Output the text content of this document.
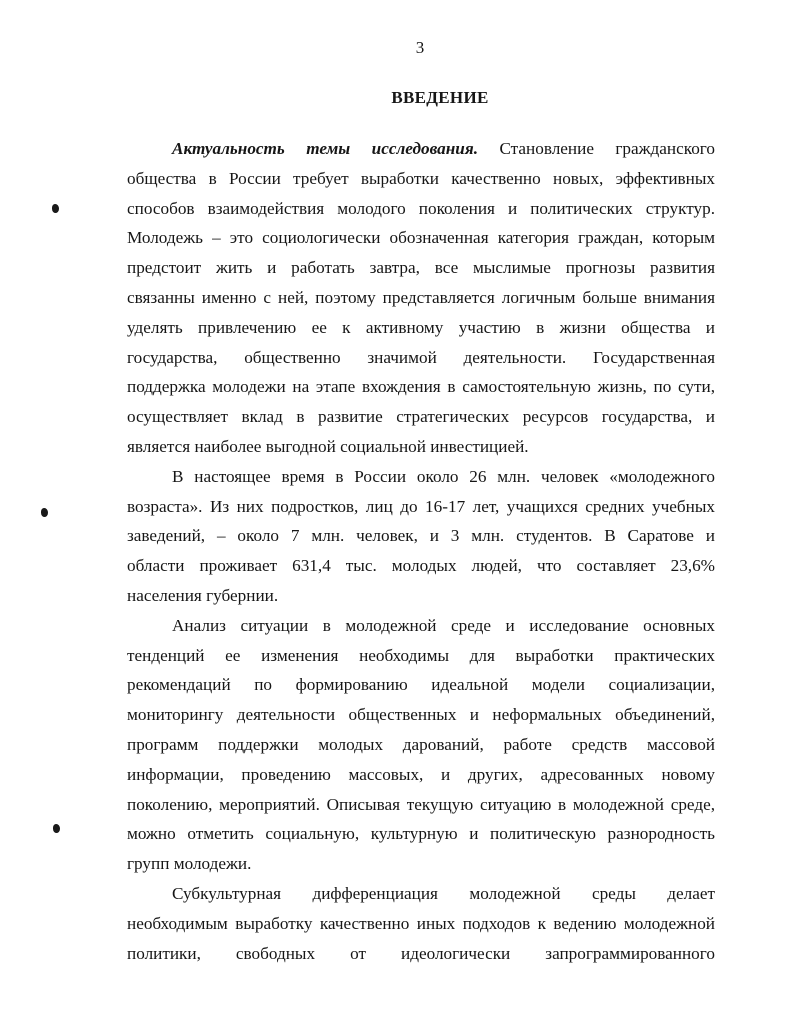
3
ВВЕДЕНИЕ
Актуальность темы исследования. Становление гражданского
общества в России требует выработки качественно новых, эффективных
способов взаимодействия молодого поколения и политических структур.
Молодежь – это социологически обозначенная категория граждан, которым
предстоит жить и работать завтра, все мыслимые прогнозы развития
связанны именно с ней, поэтому представляется логичным больше внимания
уделять привлечению ее к активному участию в жизни общества и
государства, общественно значимой деятельности. Государственная
поддержка молодежи на этапе вхождения в самостоятельную жизнь, по сути,
осуществляет вклад в развитие стратегических ресурсов государства, и
является наиболее выгодной социальной инвестицией.
В настоящее время в России около 26 млн. человек «молодежного
возраста». Из них подростков, лиц до 16-17 лет, учащихся средних учебных
заведений, – около 7 млн. человек, и 3 млн. студентов. В Саратове и
области проживает 631,4 тыс. молодых людей, что составляет 23,6%
населения губернии.
Анализ ситуации в молодежной среде и исследование основных
тенденций ее изменения необходимы для выработки практических
рекомендаций по формированию идеальной модели социализации,
мониторингу деятельности общественных и неформальных объединений,
программ поддержки молодых дарований, работе средств массовой
информации, проведению массовых, и других, адресованных новому
поколению, мероприятий. Описывая текущую ситуацию в молодежной среде,
можно отметить социальную, культурную и политическую разнородность
групп молодежи.
Субкультурная дифференциация молодежной среды делает
необходимым выработку качественно иных подходов к ведению молодежной
политики, свободных от идеологически запрограммированного
